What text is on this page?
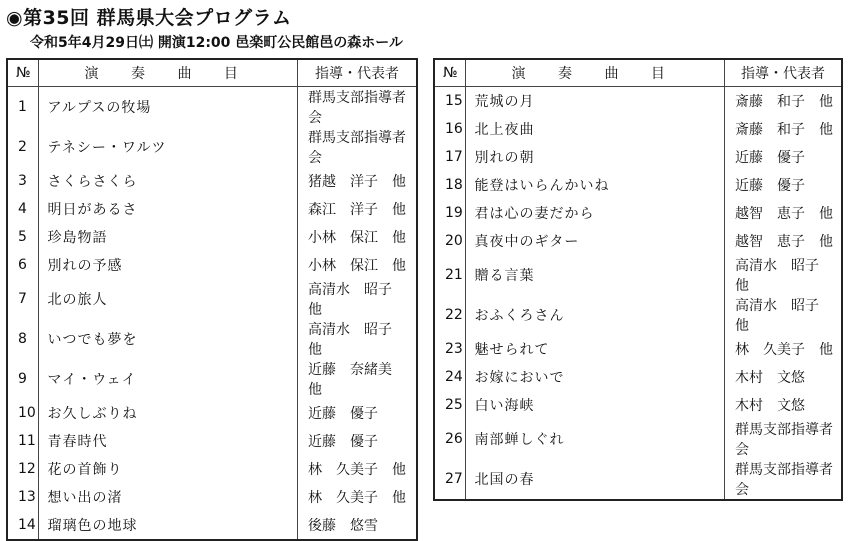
◉第35回 群馬県大会プログラム
令和5年4月29日㈯ 開演12:00 邑楽町公民館邑の森ホール
№	演 奏 曲 目	指導・代表者
1	アルプスの牧場	群馬支部指導者会
2	テネシー・ワルツ	群馬支部指導者会
3	さくらさくら	猪越　洋子　他
4	明日があるさ	森江　洋子　他
5	珍島物語	小林　保江　他
6	別れの予感	小林　保江　他
7	北の旅人	高清水　昭子　他
8	いつでも夢を	高清水　昭子　他
9	マイ・ウェイ	近藤　奈緒美　他
10	お久しぶりね	近藤　優子
11	青春時代	近藤　優子
12	花の首飾り	林　久美子　他
13	想い出の渚	林　久美子　他
14	瑠璃色の地球	後藤　悠雪
№	演 奏 曲 目	指導・代表者
15	荒城の月	斎藤　和子　他
16	北上夜曲	斎藤　和子　他
17	別れの朝	近藤　優子
18	能登はいらんかいね	近藤　優子
19	君は心の妻だから	越智　恵子　他
20	真夜中のギター	越智　恵子　他
21	贈る言葉	高清水　昭子　他
22	おふくろさん	高清水　昭子　他
23	魅せられて	林　久美子　他
24	お嫁においで	木村　文悠
25	白い海峡	木村　文悠
26	南部蝉しぐれ	群馬支部指導者会
27	北国の春	群馬支部指導者会
